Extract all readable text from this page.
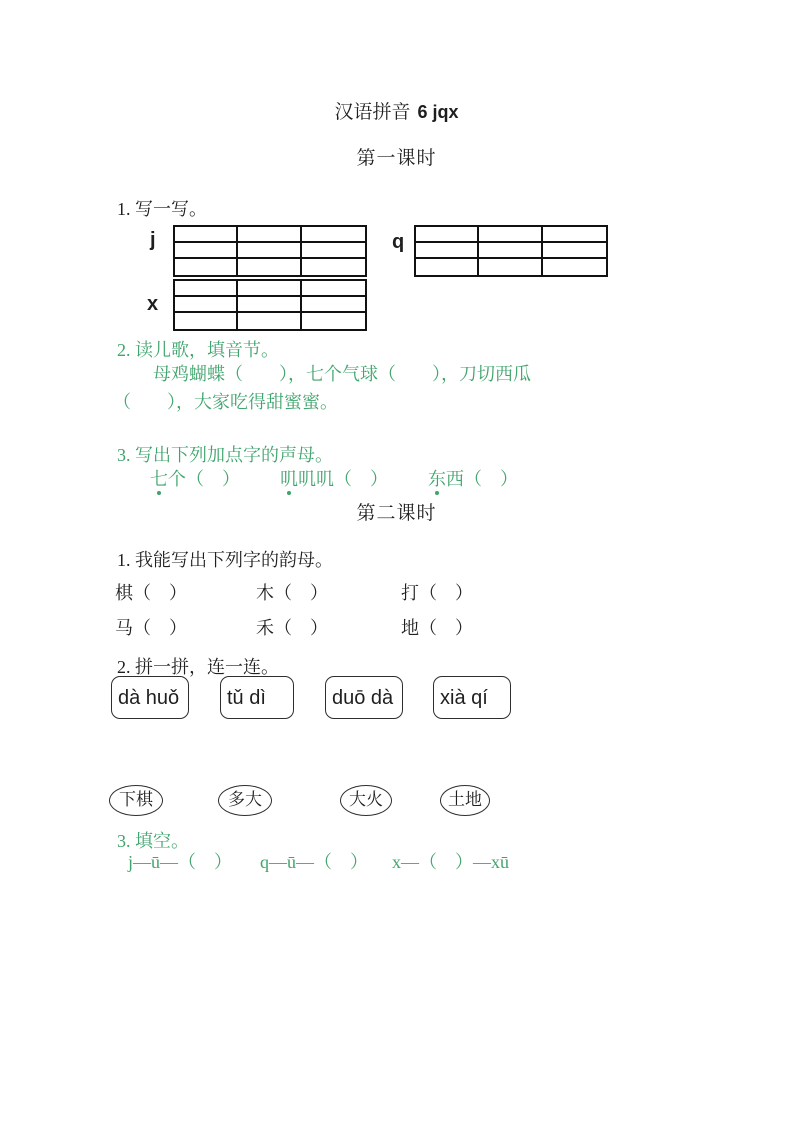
汉语拼音 6 jqx
第一课时
1. 写一写。
j	q
x
2. 读儿歌，填音节。
母鸡蝴蝶（　　），七个气球（　　），刀切西瓜
（　　），大家吃得甜蜜蜜。
3. 写出下列加点字的声母。
七个（　） 叽叽叽（　） 东西（　）
第二课时
1. 我能写出下列字的韵母。
棋（　）	木（　）	打（　）
马（　）	禾（　）	地（　）
2. 拼一拼，连一连。
dà huǒ tǔ dì	duō dà xià qí
下棋	多大	大火	土地
3. 填空。
j—ū—（　） q—ū—（　） x—（　）—xū
